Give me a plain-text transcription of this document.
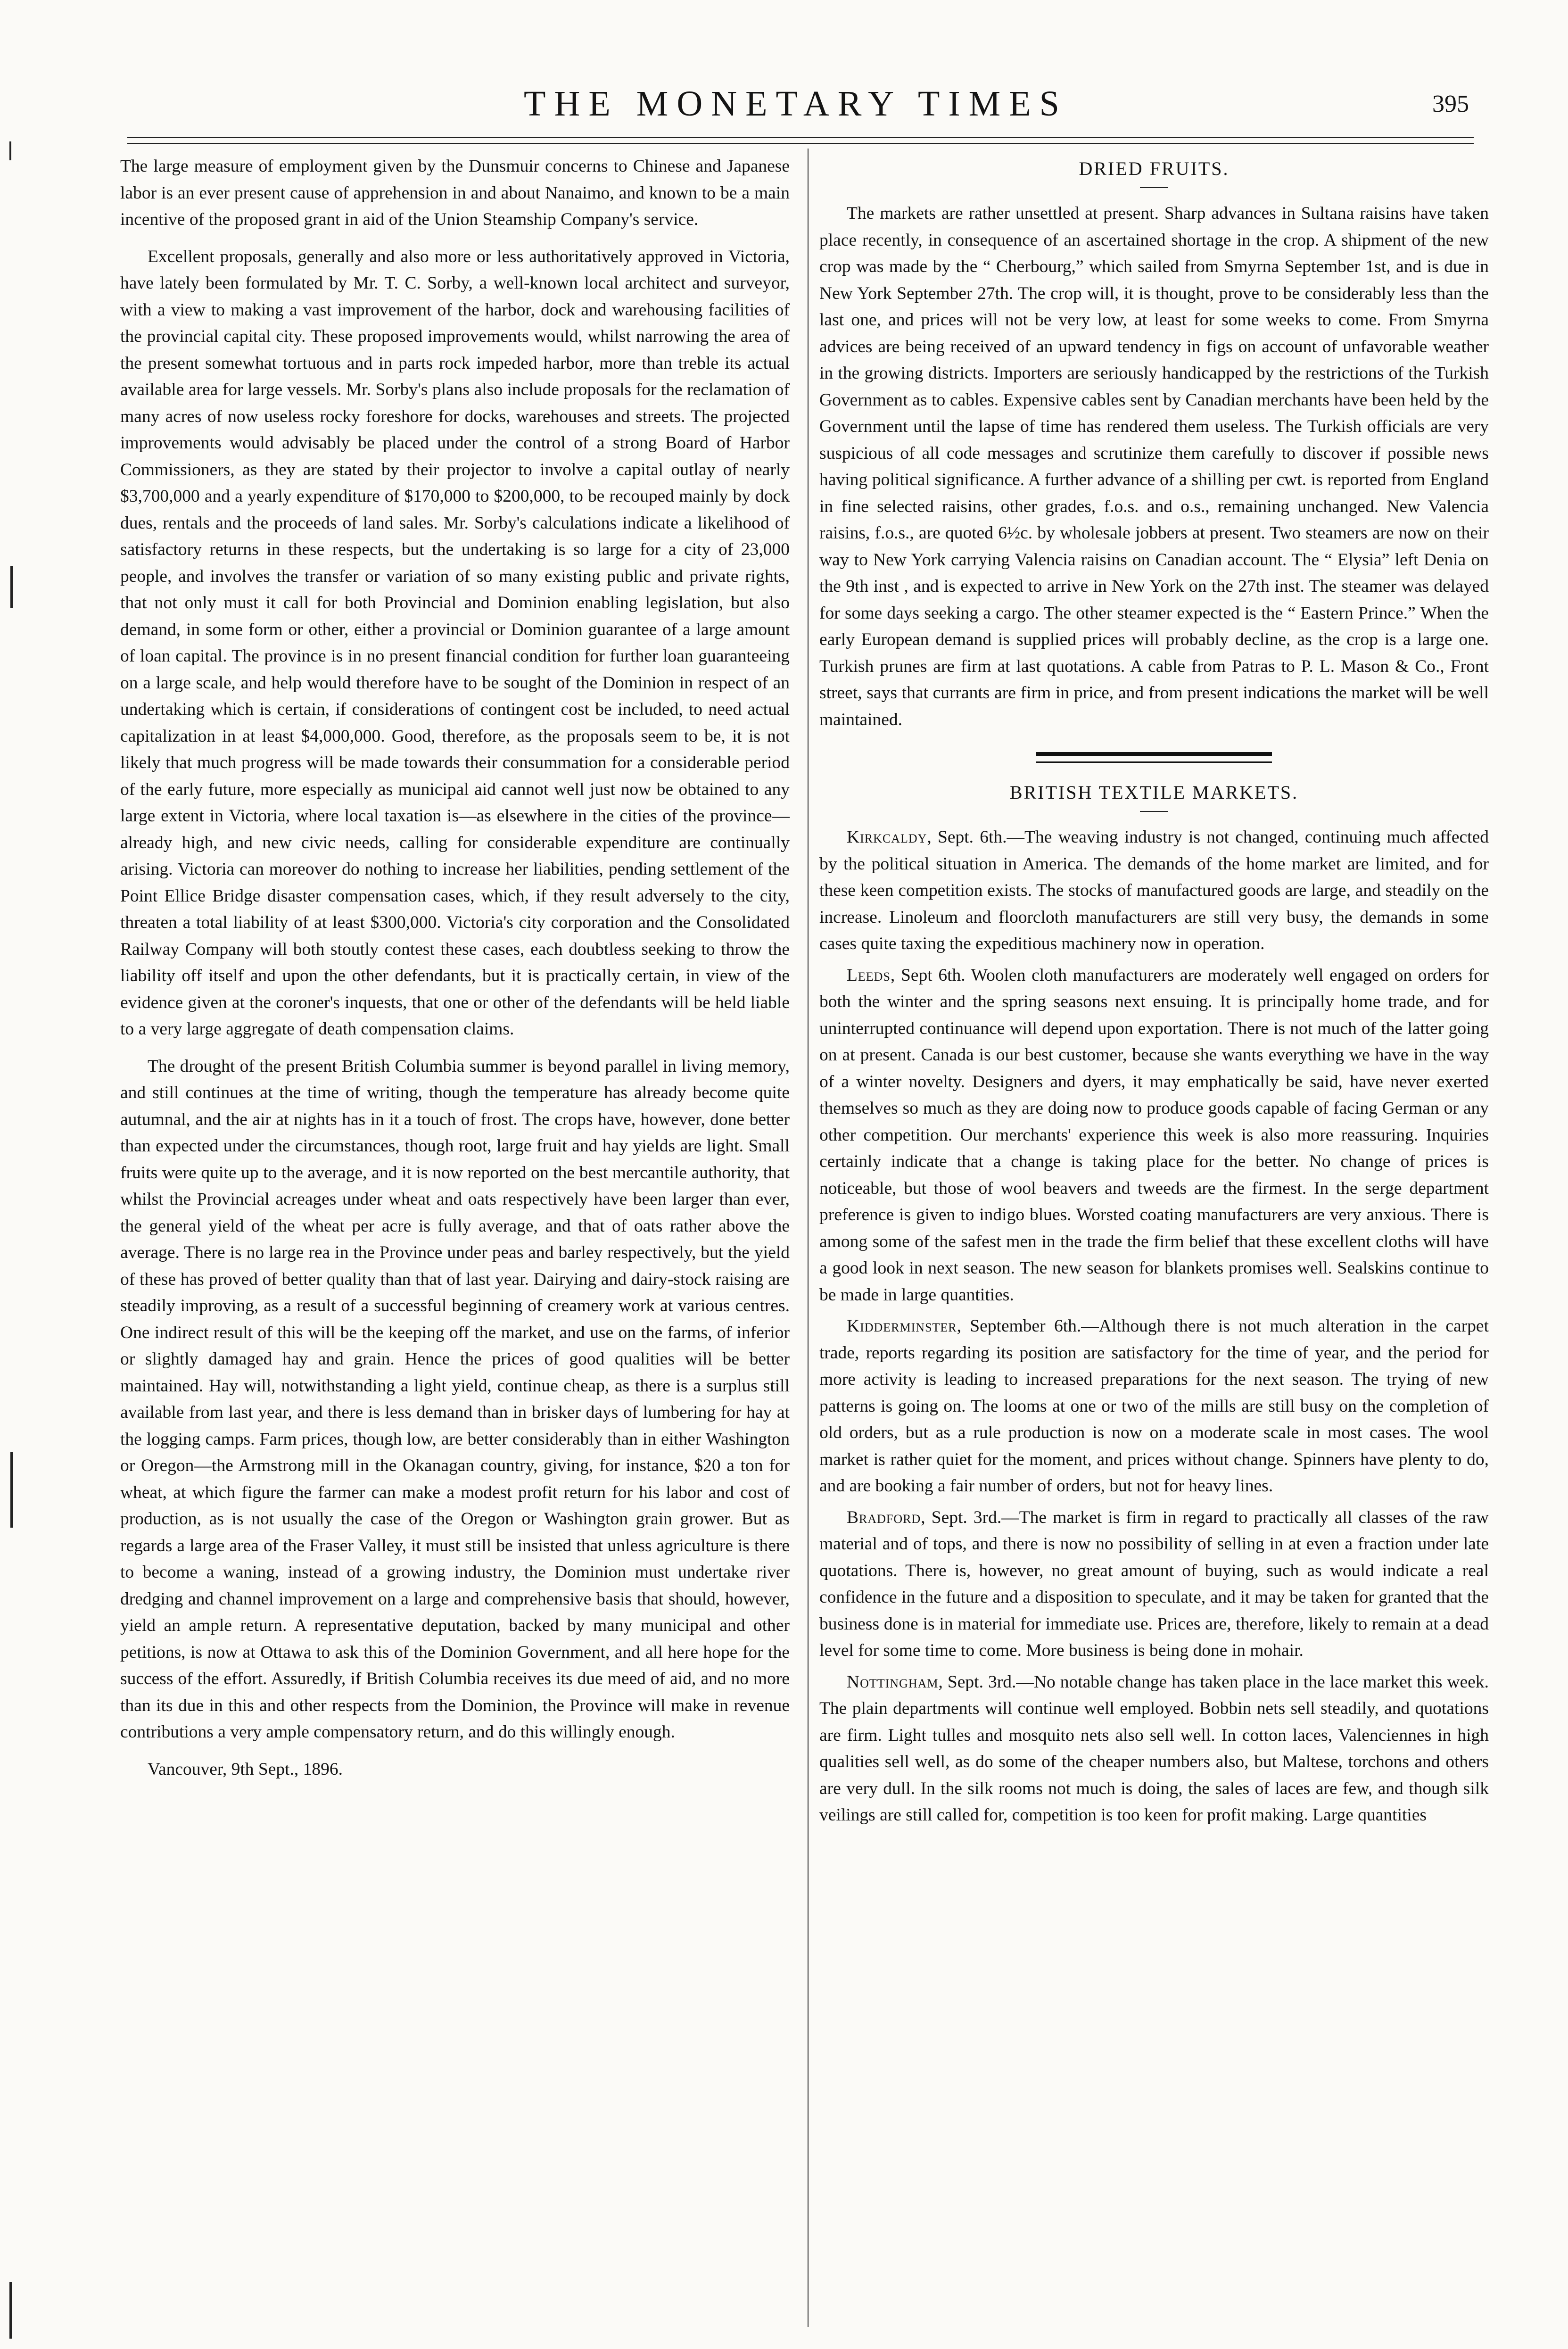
THE MONETARY TIMES	395

The large measure of employment given by the Dunsmuir concerns to Chinese and Japanese labor is an ever present cause of apprehension in and about Nanaimo, and known to be a main incentive of the proposed grant in aid of the Union Steamship Company's service.

Excellent proposals, generally and also more or less authoritatively approved in Victoria, have lately been formulated by Mr. T. C. Sorby, a well-known local architect and surveyor, with a view to making a vast improvement of the harbor, dock and warehousing facilities of the provincial capital city. These proposed improvements would, whilst narrowing the area of the present somewhat tortuous and in parts rock impeded harbor, more than treble its actual available area for large vessels. Mr. Sorby's plans also include proposals for the reclamation of many acres of now useless rocky foreshore for docks, warehouses and streets. The projected improvements would advisably be placed under the control of a strong Board of Harbor Commissioners, as they are stated by their projector to involve a capital outlay of nearly $3,700,000 and a yearly expenditure of $170,000 to $200,000, to be recouped mainly by dock dues, rentals and the proceeds of land sales. Mr. Sorby's calculations indicate a likelihood of satisfactory returns in these respects, but the undertaking is so large for a city of 23,000 people, and involves the transfer or variation of so many existing public and private rights, that not only must it call for both Provincial and Dominion enabling legislation, but also demand, in some form or other, either a provincial or Dominion guarantee of a large amount of loan capital. The province is in no present financial condition for further loan guaranteeing on a large scale, and help would therefore have to be sought of the Dominion in respect of an undertaking which is certain, if considerations of contingent cost be included, to need actual capitalization in at least $4,000,000. Good, therefore, as the proposals seem to be, it is not likely that much progress will be made towards their consummation for a considerable period of the early future, more especially as municipal aid cannot well just now be obtained to any large extent in Victoria, where local taxation is—as elsewhere in the cities of the province—already high, and new civic needs, calling for considerable expenditure are continually arising. Victoria can moreover do nothing to increase her liabilities, pending settlement of the Point Ellice Bridge disaster compensation cases, which, if they result adversely to the city, threaten a total liability of at least $300,000. Victoria's city corporation and the Consolidated Railway Company will both stoutly contest these cases, each doubtless seeking to throw the liability off itself and upon the other defendants, but it is practically certain, in view of the evidence given at the coroner's inquests, that one or other of the defendants will be held liable to a very large aggregate of death compensation claims.

The drought of the present British Columbia summer is beyond parallel in living memory, and still continues at the time of writing, though the temperature has already become quite autumnal, and the air at nights has in it a touch of frost. The crops have, however, done better than expected under the circumstances, though root, large fruit and hay yields are light. Small fruits were quite up to the average, and it is now reported on the best mercantile authority, that whilst the Provincial acreages under wheat and oats respectively have been larger than ever, the general yield of the wheat per acre is fully average, and that of oats rather above the average. There is no large rea in the Province under peas and barley respectively, but the yield of these has proved of better quality than that of last year. Dairying and dairy-stock raising are steadily improving, as a result of a successful beginning of creamery work at various centres. One indirect result of this will be the keeping off the market, and use on the farms, of inferior or slightly damaged hay and grain. Hence the prices of good qualities will be better maintained. Hay will, notwithstanding a light yield, continue cheap, as there is a surplus still available from last year, and there is less demand than in brisker days of lumbering for hay at the logging camps. Farm prices, though low, are better considerably than in either Washington or Oregon—the Armstrong mill in the Okanagan country, giving, for instance, $20 a ton for wheat, at which figure the farmer can make a modest profit return for his labor and cost of production, as is not usually the case of the Oregon or Washington grain grower. But as regards a large area of the Fraser Valley, it must still be insisted that unless agriculture is there to become a waning, instead of a growing industry, the Dominion must undertake river dredging and channel improvement on a large and comprehensive basis that should, however, yield an ample return. A representative deputation, backed by many municipal and other petitions, is now at Ottawa to ask this of the Dominion Government, and all here hope for the success of the effort. Assuredly, if British Columbia receives its due meed of aid, and no more than its due in this and other respects from the Dominion, the Province will make in revenue contributions a very ample compensatory return, and do this willingly enough.

Vancouver, 9th Sept., 1896.

DRIED FRUITS.

The markets are rather unsettled at present. Sharp advances in Sultana raisins have taken place recently, in consequence of an ascertained shortage in the crop. A shipment of the new crop was made by the “ Cherbourg,” which sailed from Smyrna September 1st, and is due in New York September 27th. The crop will, it is thought, prove to be considerably less than the last one, and prices will not be very low, at least for some weeks to come. From Smyrna advices are being received of an upward tendency in figs on account of unfavorable weather in the growing districts. Importers are seriously handicapped by the restrictions of the Turkish Government as to cables. Expensive cables sent by Canadian merchants have been held by the Government until the lapse of time has rendered them useless. The Turkish officials are very suspicious of all code messages and scrutinize them carefully to discover if possible news having political significance. A further advance of a shilling per cwt. is reported from England in fine selected raisins, other grades, f.o.s. and o.s., remaining unchanged. New Valencia raisins, f.o.s., are quoted 6½c. by wholesale jobbers at present. Two steamers are now on their way to New York carrying Valencia raisins on Canadian account. The “ Elysia” left Denia on the 9th inst , and is expected to arrive in New York on the 27th inst. The steamer was delayed for some days seeking a cargo. The other steamer expected is the “ Eastern Prince.” When the early European demand is supplied prices will probably decline, as the crop is a large one. Turkish prunes are firm at last quotations. A cable from Patras to P. L. Mason & Co., Front street, says that currants are firm in price, and from present indications the market will be well maintained.

BRITISH TEXTILE MARKETS.

Kirkcaldy, Sept. 6th.—The weaving industry is not changed, continuing much affected by the political situation in America. The demands of the home market are limited, and for these keen competition exists. The stocks of manufactured goods are large, and steadily on the increase. Linoleum and floorcloth manufacturers are still very busy, the demands in some cases quite taxing the expeditious machinery now in operation.

Leeds, Sept 6th. Woolen cloth manufacturers are moderately well engaged on orders for both the winter and the spring seasons next ensuing. It is principally home trade, and for uninterrupted continuance will depend upon exportation. There is not much of the latter going on at present. Canada is our best customer, because she wants everything we have in the way of a winter novelty. Designers and dyers, it may emphatically be said, have never exerted themselves so much as they are doing now to produce goods capable of facing German or any other competition. Our merchants' experience this week is also more reassuring. Inquiries certainly indicate that a change is taking place for the better. No change of prices is noticeable, but those of wool beavers and tweeds are the firmest. In the serge department preference is given to indigo blues. Worsted coating manufacturers are very anxious. There is among some of the safest men in the trade the firm belief that these excellent cloths will have a good look in next season. The new season for blankets promises well. Sealskins continue to be made in large quantities.

Kidderminster, September 6th.—Although there is not much alteration in the carpet trade, reports regarding its position are satisfactory for the time of year, and the period for more activity is leading to increased preparations for the next season. The trying of new patterns is going on. The looms at one or two of the mills are still busy on the completion of old orders, but as a rule production is now on a moderate scale in most cases. The wool market is rather quiet for the moment, and prices without change. Spinners have plenty to do, and are booking a fair number of orders, but not for heavy lines.

Bradford, Sept. 3rd.—The market is firm in regard to practically all classes of the raw material and of tops, and there is now no possibility of selling in at even a fraction under late quotations. There is, however, no great amount of buying, such as would indicate a real confidence in the future and a disposition to speculate, and it may be taken for granted that the business done is in material for immediate use. Prices are, therefore, likely to remain at a dead level for some time to come. More business is being done in mohair.

Nottingham, Sept. 3rd.—No notable change has taken place in the lace market this week. The plain departments will continue well employed. Bobbin nets sell steadily, and quotations are firm. Light tulles and mosquito nets also sell well. In cotton laces, Valenciennes in high qualities sell well, as do some of the cheaper numbers also, but Maltese, torchons and others are very dull. In the silk rooms not much is doing, the sales of laces are few, and though silk veilings are still called for, competition is too keen for profit making. Large quantities
